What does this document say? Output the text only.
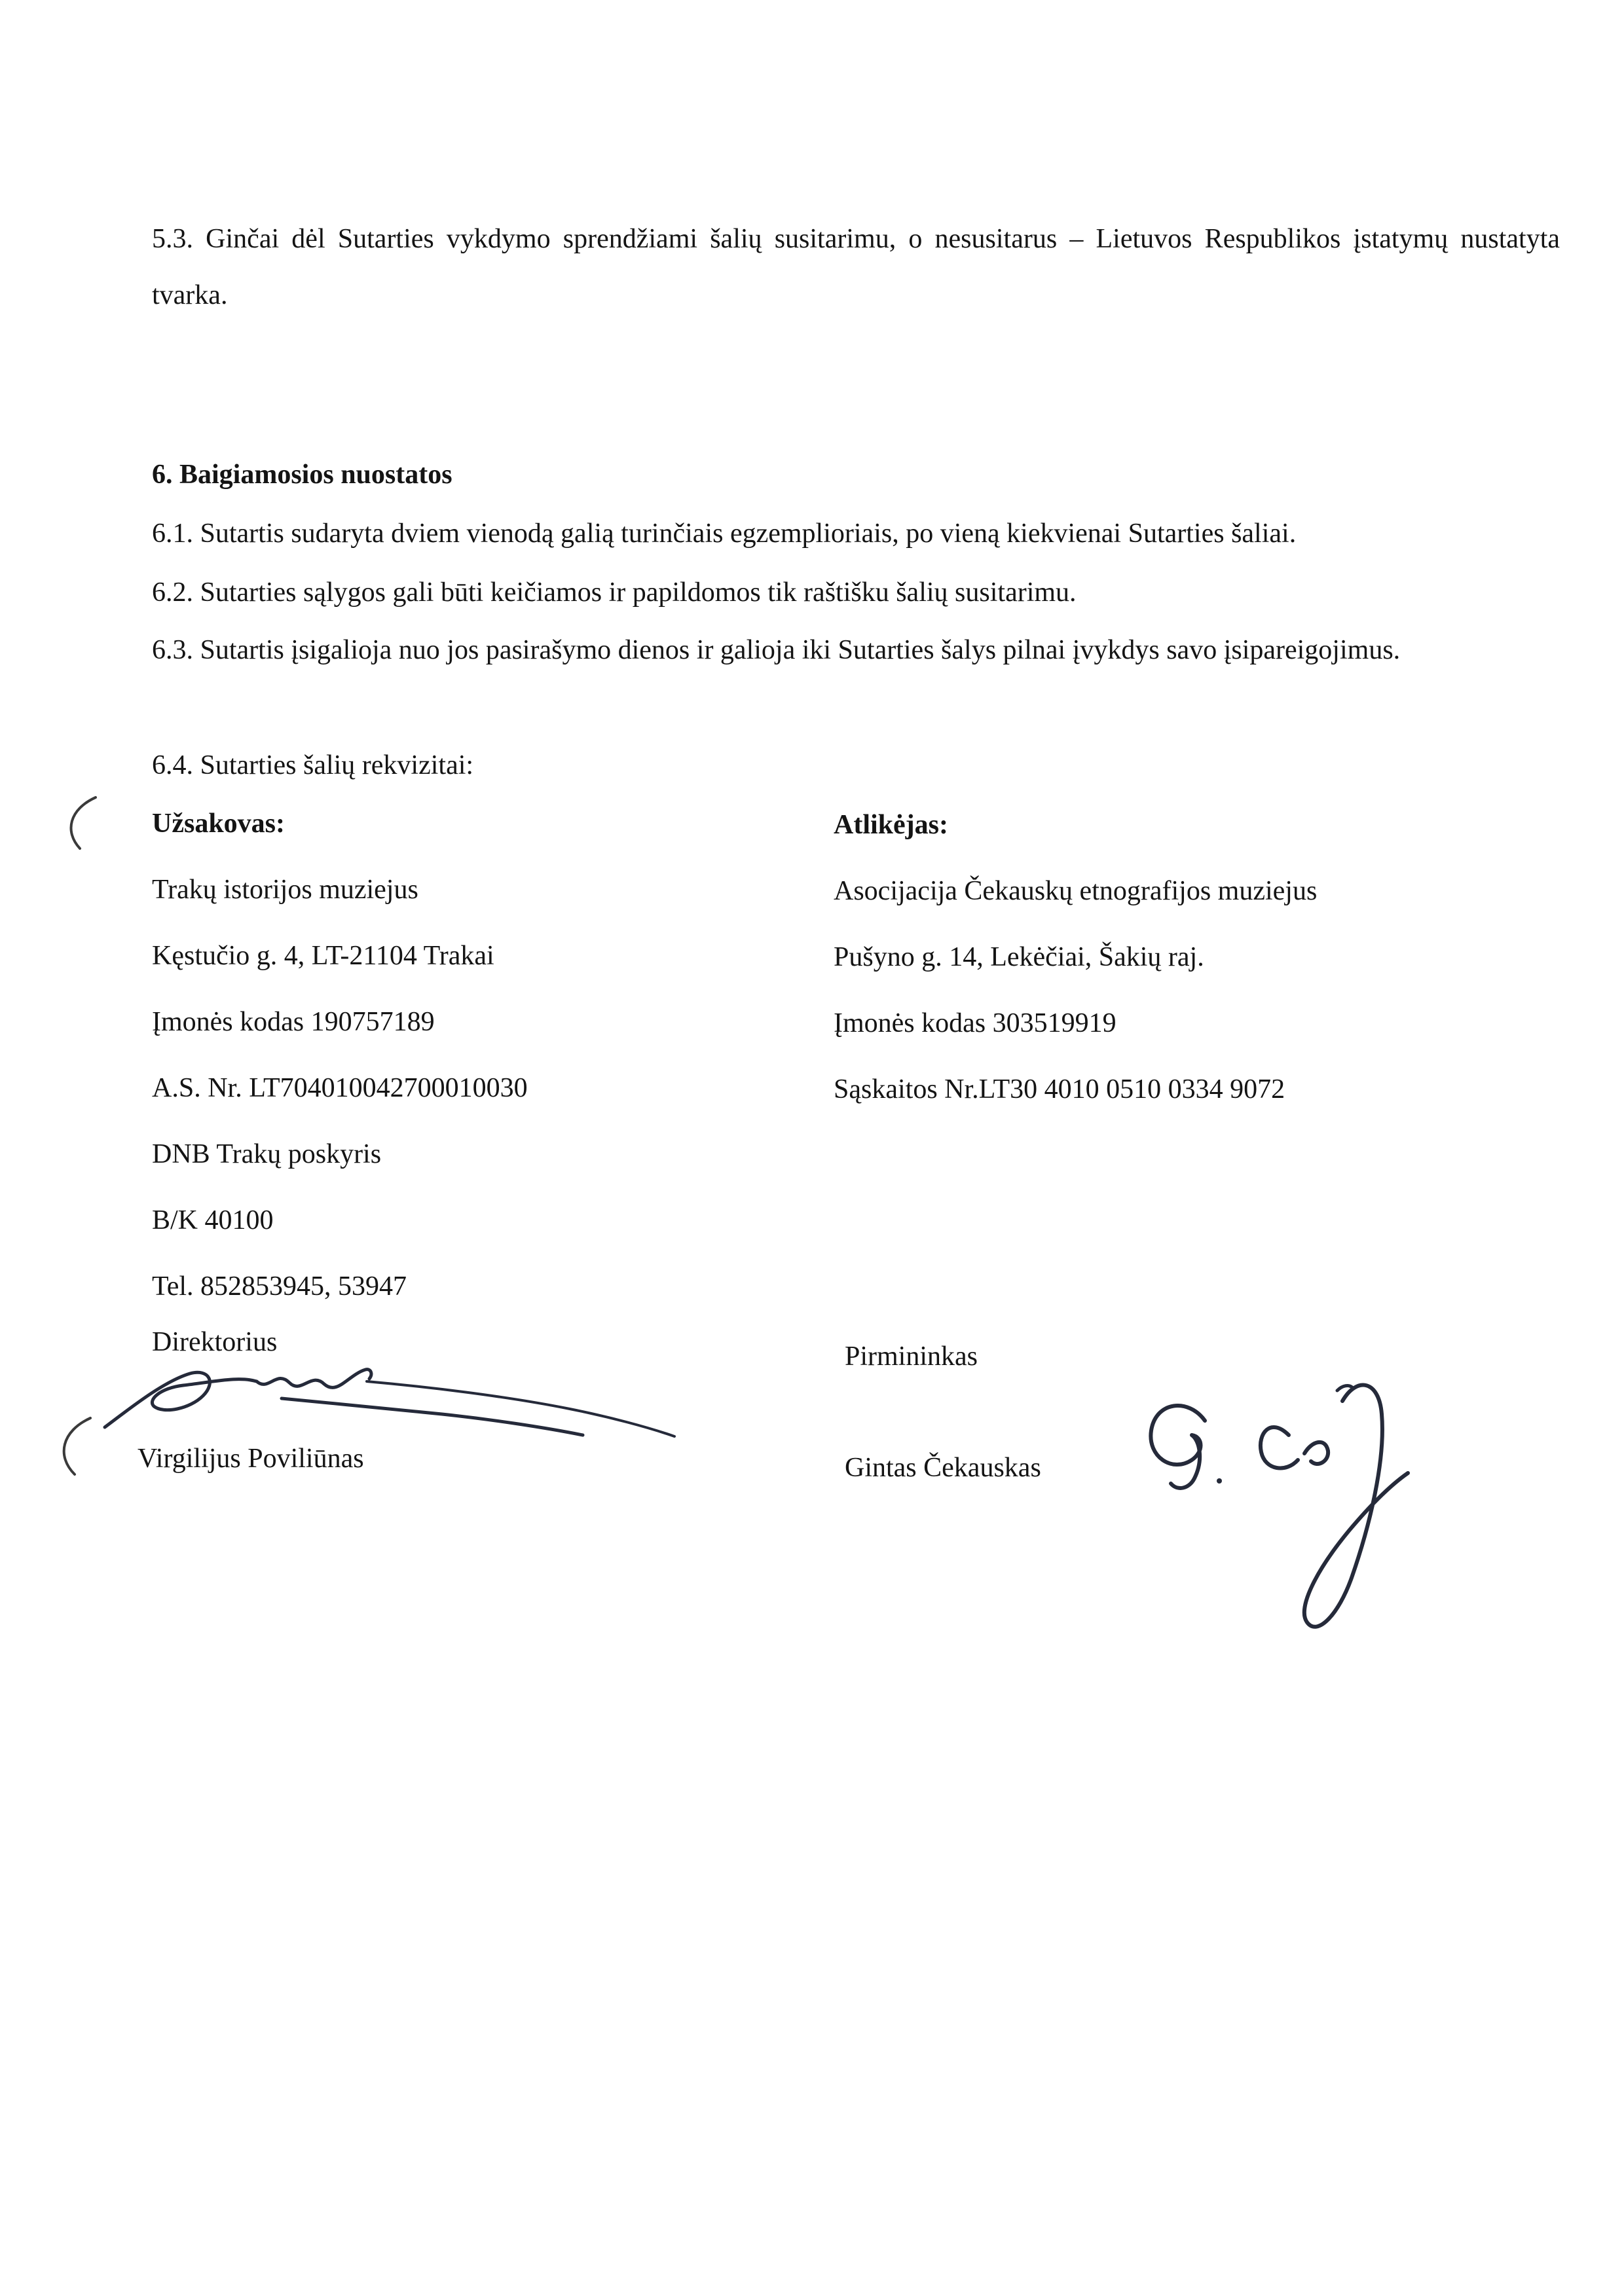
5.3. Ginčai dėl Sutarties vykdymo sprendžiami šalių susitarimu, o nesusitarus – Lietuvos Respublikos įstatymų nustatyta tvarka.
6. Baigiamosios nuostatos
6.1. Sutartis sudaryta dviem vienodą galią turinčiais egzemplioriais, po vieną kiekvienai Sutarties šaliai.
6.2. Sutarties sąlygos gali būti keičiamos ir papildomos tik raštišku šalių susitarimu.
6.3. Sutartis įsigalioja nuo jos pasirašymo dienos ir galioja iki Sutarties šalys pilnai įvykdys savo įsipareigojimus.
6.4. Sutarties šalių rekvizitai:
Užsakovas:
Trakų istorijos muziejus
Kęstučio g. 4, LT-21104 Trakai
Įmonės kodas 190757189
A.S. Nr. LT704010042700010030
DNB Trakų poskyris
B/K 40100
Tel. 852853945, 53947
Atlikėjas:
Asocijacija Čekauskų etnografijos muziejus
Pušyno g. 14, Lekėčiai, Šakių raj.
Įmonės kodas 303519919
Sąskaitos Nr.LT30 4010 0510 0334 9072
Direktorius
Virgilijus Poviliūnas
Pirmininkas
Gintas Čekauskas
